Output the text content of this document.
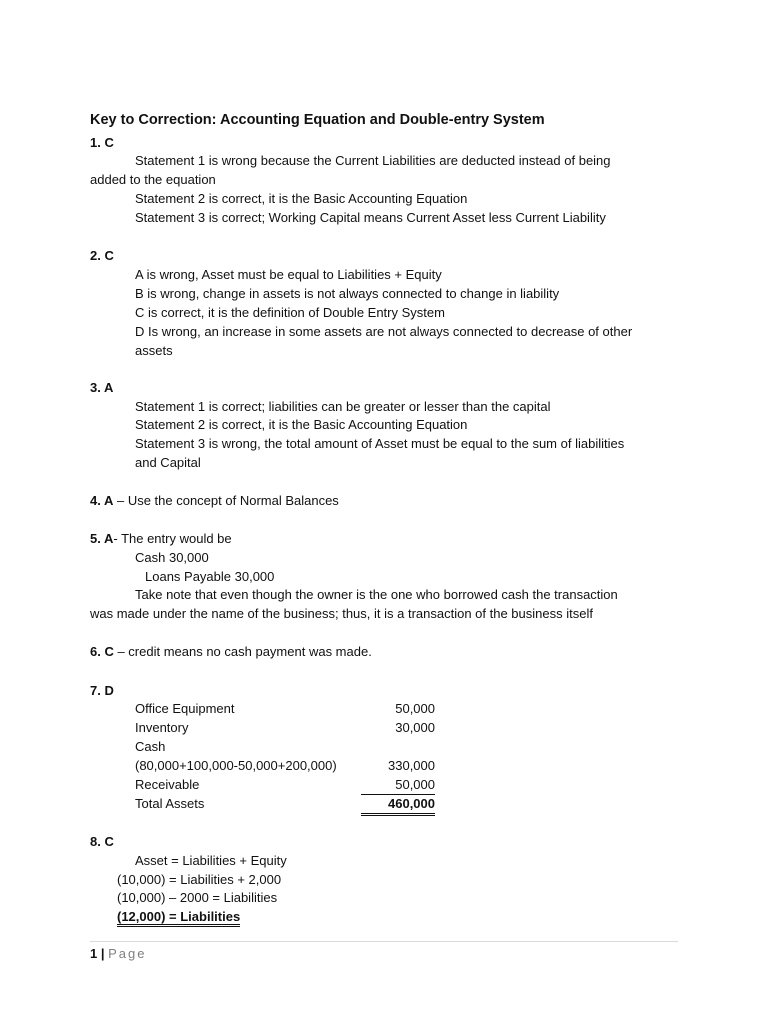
Key to Correction: Accounting Equation and Double-entry System
1. C
Statement 1 is wrong because the Current Liabilities are deducted instead of being
added to the equation
Statement 2 is correct, it is the Basic Accounting Equation
Statement 3 is correct; Working Capital means Current Asset less Current Liability
2. C
A is wrong, Asset must be equal to Liabilities + Equity
B is wrong, change in assets is not always connected to change in liability
C is correct, it is the definition of Double Entry System
D Is wrong, an increase in some assets are not always connected to decrease of other
assets
3. A
Statement 1 is correct; liabilities can be greater or lesser than the capital
Statement 2 is correct, it is the Basic Accounting Equation
Statement 3 is wrong, the total amount of Asset must be equal to the sum of liabilities
and Capital
4. A – Use the concept of Normal Balances
5. A- The entry would be
Cash 30,000
Loans Payable 30,000
Take note that even though the owner is the one who borrowed cash the transaction
was made under the name of the business; thus, it is a transaction of the business itself
6. C – credit means no cash payment was made.
7. D
Office Equipment	50,000
Inventory	30,000
Cash
(80,000+100,000-50,000+200,000)	330,000
Receivable	50,000
Total Assets	460,000
8. C
Asset = Liabilities + Equity
(10,000) = Liabilities + 2,000
(10,000) – 2000 = Liabilities
(12,000) = Liabilities
1 | Page
